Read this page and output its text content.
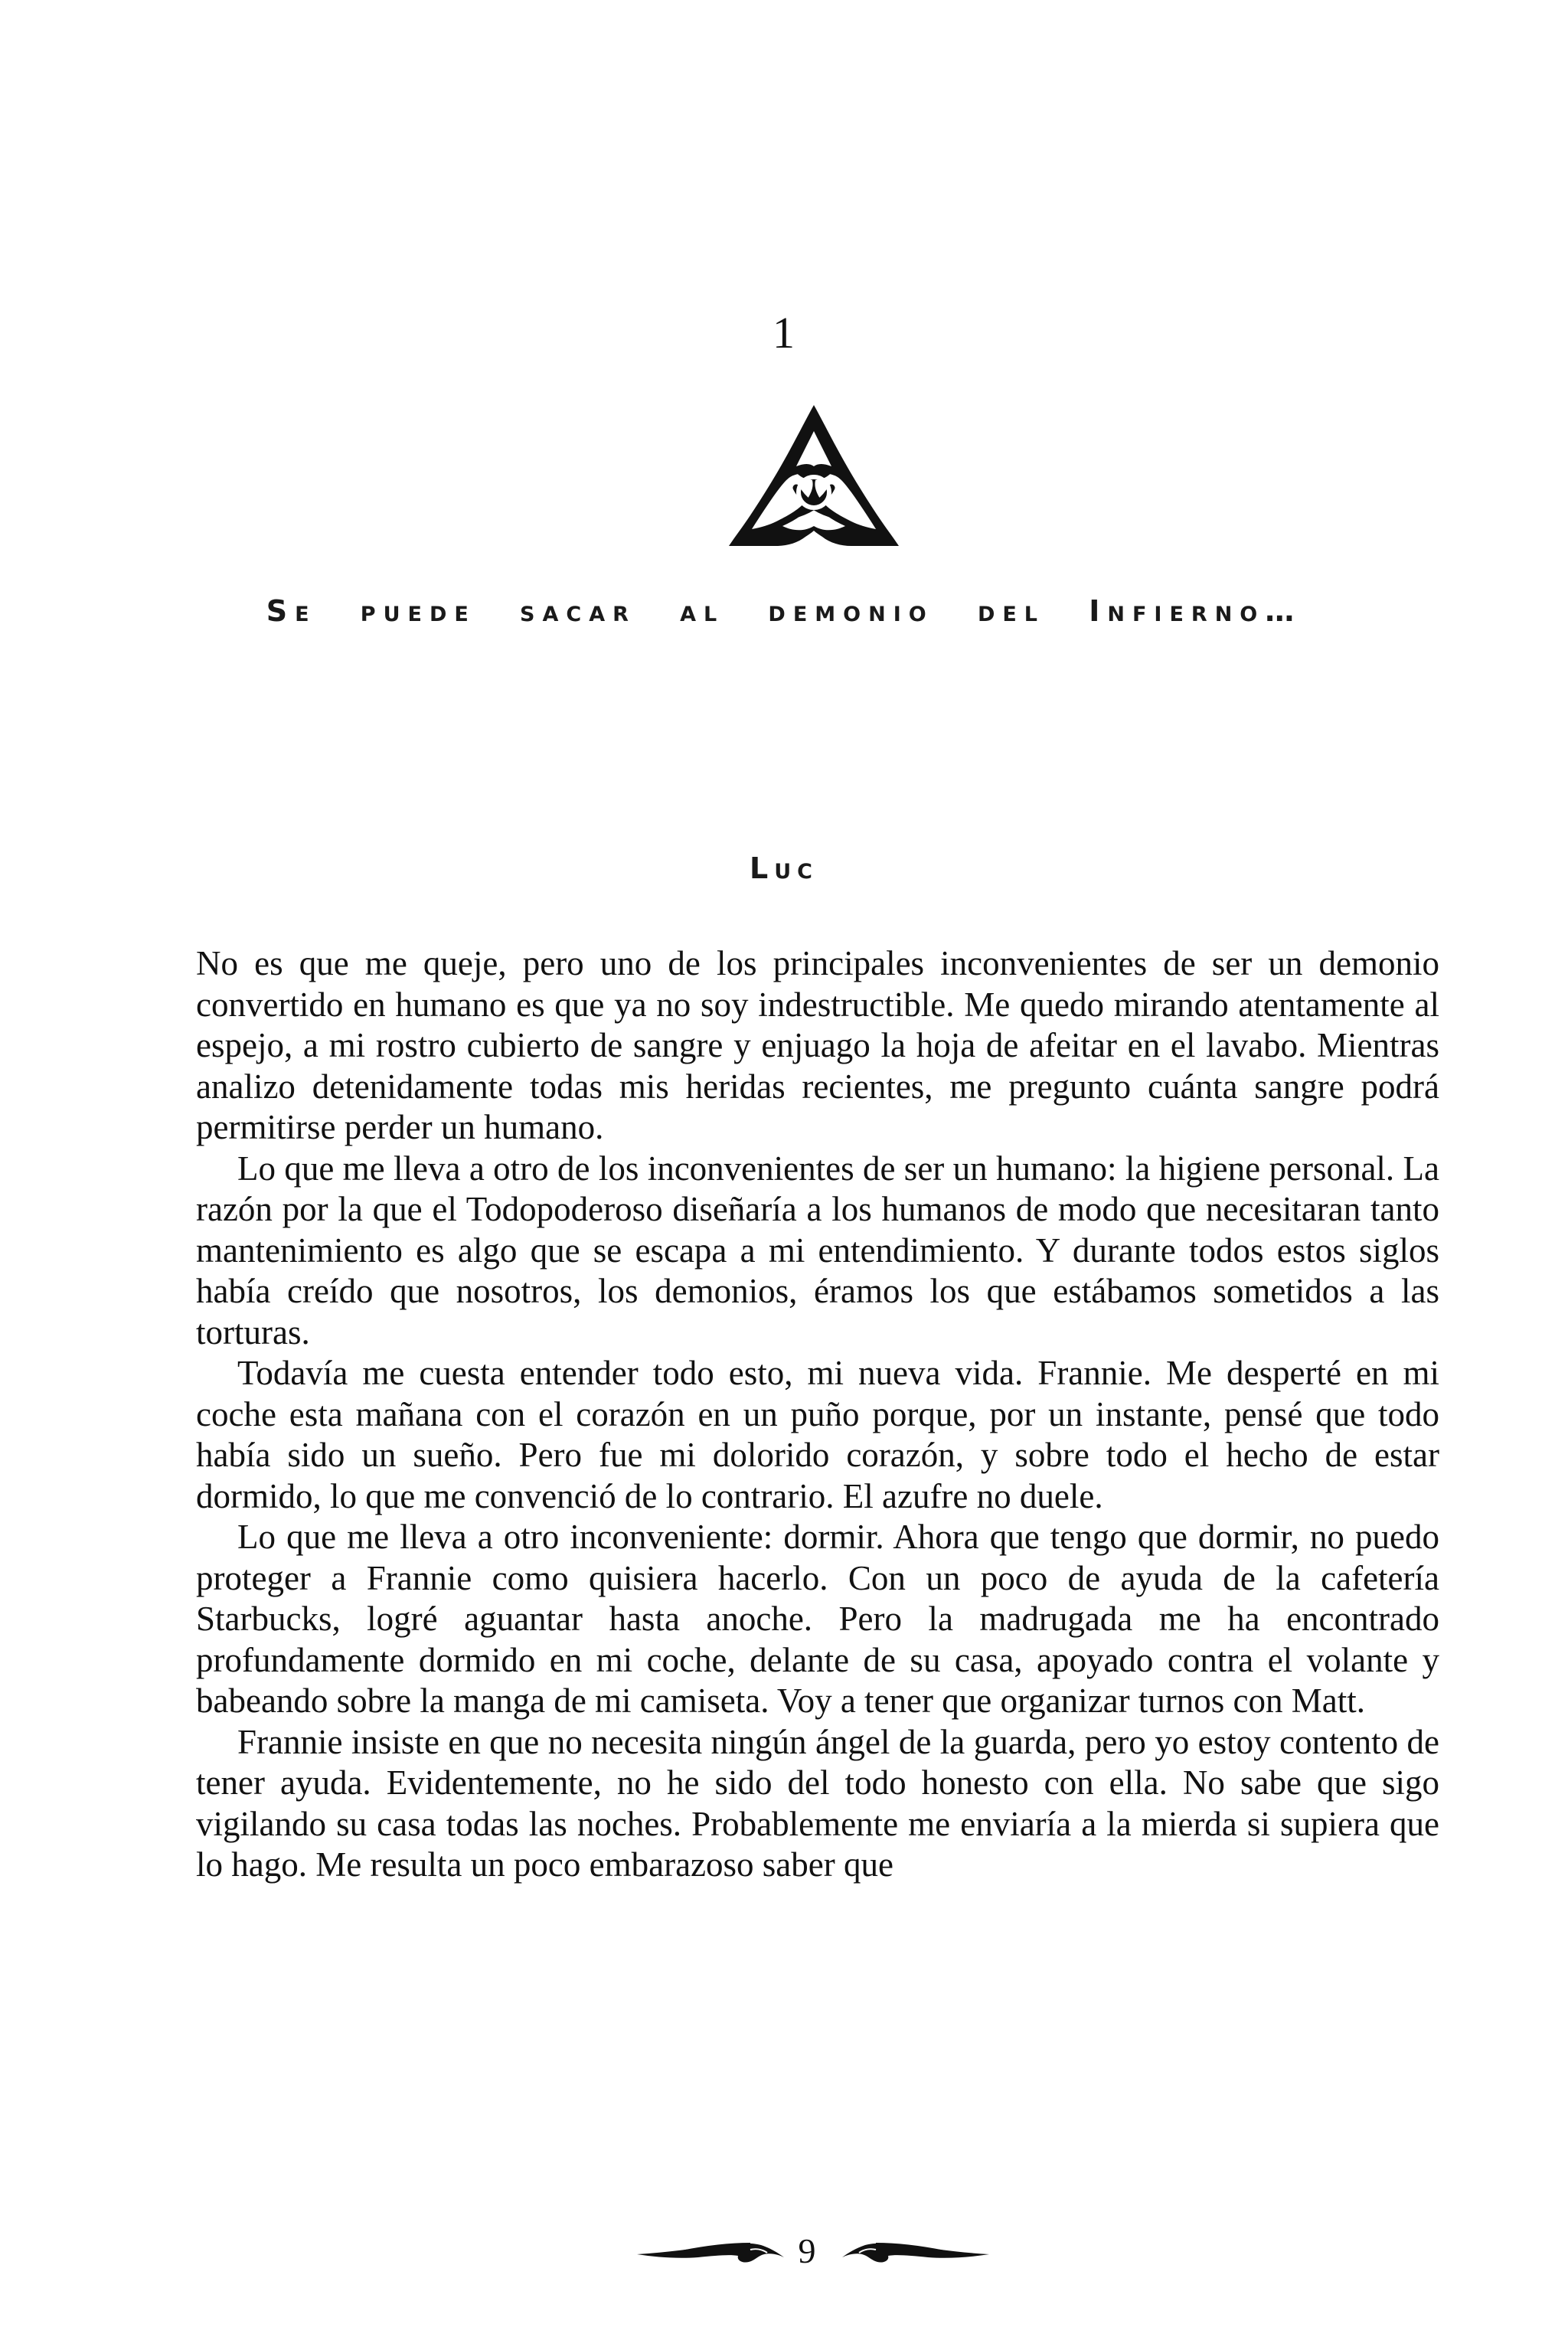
1
Se puede sacar al demonio del Infierno…
Luc

No es que me queje, pero uno de los principales inconvenientes de ser un demonio convertido en humano es que ya no soy indestructible. Me quedo mirando atentamente al espejo, a mi rostro cubierto de sangre y enjuago la hoja de afeitar en el lavabo. Mientras analizo detenidamente todas mis heridas recientes, me pregunto cuánta sangre podrá permitirse perder un humano.

Lo que me lleva a otro de los inconvenientes de ser un humano: la higiene personal. La razón por la que el Todopoderoso diseñaría a los humanos de modo que necesitaran tanto mantenimiento es algo que se escapa a mi entendimiento. Y durante todos estos siglos había creído que nosotros, los demonios, éramos los que estábamos sometidos a las torturas.

Todavía me cuesta entender todo esto, mi nueva vida. Frannie. Me desperté en mi coche esta mañana con el corazón en un puño porque, por un instante, pensé que todo había sido un sueño. Pero fue mi dolorido corazón, y sobre todo el hecho de estar dormido, lo que me convenció de lo contrario. El azufre no duele.

Lo que me lleva a otro inconveniente: dormir. Ahora que tengo que dormir, no puedo proteger a Frannie como quisiera hacerlo. Con un poco de ayuda de la cafetería Starbucks, logré aguantar hasta anoche. Pero la madrugada me ha encontrado profundamente dormido en mi coche, delante de su casa, apoyado contra el volante y babeando sobre la manga de mi camiseta. Voy a tener que organizar turnos con Matt.

Frannie insiste en que no necesita ningún ángel de la guarda, pero yo estoy contento de tener ayuda. Evidentemente, no he sido del todo honesto con ella. No sabe que sigo vigilando su casa todas las noches. Probablemente me enviaría a la mierda si supiera que lo hago. Me resulta un poco embarazoso saber que

9
